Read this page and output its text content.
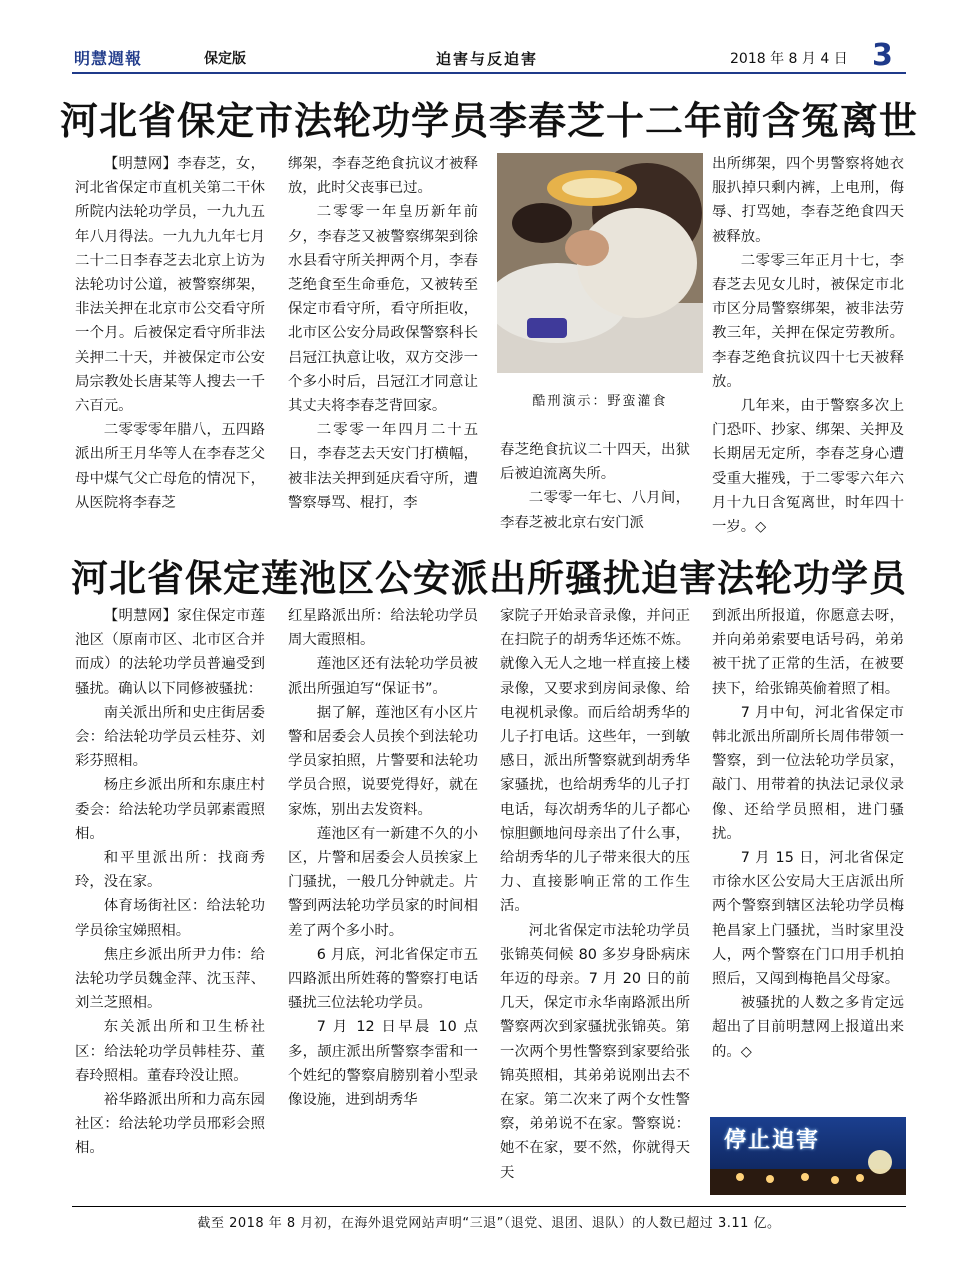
明慧週報	保定版	迫害与反迫害	2018 年 8 月 4 日 3
河北省保定市法轮功学员李春芝十二年前含冤离世

【明慧网】李春芝，女，河北省保定市直机关第二干休所院内法轮功学员，一九九五年八月得法。一九九九年七月二十二日李春芝去北京上访为法轮功讨公道，被警察绑架，非法关押在北京市公交看守所一个月。后被保定看守所非法关押二十天，并被保定市公安局宗教处长唐某等人搜去一千六百元。

二零零零年腊八，五四路派出所王月华等人在李春芝父母中煤气父亡母危的情况下，从医院将李春芝

绑架，李春芝绝食抗议才被释放，此时父丧事已过。

二零零一年皇历新年前夕，李春芝又被警察绑架到徐水县看守所关押两个月，李春芝绝食至生命垂危，又被转至保定市看守所，看守所拒收，北市区公安分局政保警察科长吕冠江执意让收，双方交涉一个多小时后，吕冠江才同意让其丈夫将李春芝背回家。

二零零一年四月二十五日，李春芝去天安门打横幅，被非法关押到延庆看守所，遭警察辱骂、棍打，李

酷刑演示：野蛮灌食

春芝绝食抗议二十四天，出狱后被迫流离失所。

二零零一年七、八月间，李春芝被北京右安门派

出所绑架，四个男警察将她衣服扒掉只剩内裤，上电刑，侮辱、打骂她，李春芝绝食四天被释放。

二零零三年正月十七，李春芝去见女儿时，被保定市北市区分局警察绑架，被非法劳教三年，关押在保定劳教所。李春芝绝食抗议四十七天被释放。

几年来，由于警察多次上门恐吓、抄家、绑架、关押及长期居无定所，李春芝身心遭受重大摧残，于二零零六年六月十九日含冤离世，时年四十一岁。◇

河北省保定莲池区公安派出所骚扰迫害法轮功学员

【明慧网】家住保定市莲池区（原南市区、北市区合并而成）的法轮功学员普遍受到骚扰。确认以下同修被骚扰：

南关派出所和史庄街居委会：给法轮功学员云桂芬、刘彩芬照相。

杨庄乡派出所和东康庄村委会：给法轮功学员郭素霞照相。

和平里派出所：找商秀玲，没在家。

体育场街社区：给法轮功学员徐宝娣照相。

焦庄乡派出所尹力伟：给法轮功学员魏金萍、沈玉萍、刘兰芝照相。

东关派出所和卫生桥社区：给法轮功学员韩桂芬、董春玲照相。董春玲没让照。

裕华路派出所和力高东园社区：给法轮功学员邢彩会照相。

红星路派出所：给法轮功学员周大霞照相。

莲池区还有法轮功学员被派出所强迫写“保证书”。

据了解，莲池区有小区片警和居委会人员挨个到法轮功学员家拍照，片警要和法轮功学员合照，说要党得好，就在家炼，别出去发资料。

莲池区有一新建不久的小区，片警和居委会人员挨家上门骚扰，一般几分钟就走。片警到两法轮功学员家的时间相差了两个多小时。

6 月底，河北省保定市五四路派出所姓蒋的警察打电话骚扰三位法轮功学员。

7 月 12 日早晨 10 点多，颉庄派出所警察李雷和一个姓纪的警察肩膀别着小型录像设施，进到胡秀华

家院子开始录音录像，并问正在扫院子的胡秀华还炼不炼。就像入无人之地一样直接上楼录像，又要求到房间录像、给电视机录像。而后给胡秀华的儿子打电话。这些年，一到敏感日，派出所警察就到胡秀华家骚扰，也给胡秀华的儿子打电话，每次胡秀华的儿子都心惊胆颤地问母亲出了什么事，给胡秀华的儿子带来很大的压力、直接影响正常的工作生活。

河北省保定市法轮功学员张锦英伺候 80 多岁身卧病床年迈的母亲。7 月 20 日的前几天，保定市永华南路派出所警察两次到家骚扰张锦英。第一次两个男性警察到家要给张锦英照相，其弟弟说刚出去不在家。第二次来了两个女性警察，弟弟说不在家。警察说：她不在家，要不然，你就得天天

到派出所报道，你愿意去呀，并向弟弟索要电话号码，弟弟被干扰了正常的生活，在被要挟下，给张锦英偷着照了相。

7 月中旬，河北省保定市韩北派出所副所长周伟带领一警察，到一位法轮功学员家，敲门、用带着的执法记录仪录像、还给学员照相，进门骚扰。

7 月 15 日，河北省保定市徐水区公安局大王店派出所两个警察到辖区法轮功学员梅艳昌家上门骚扰，当时家里没人，两个警察在门口用手机拍照后，又闯到梅艳昌父母家。

被骚扰的人数之多肯定远超出了目前明慧网上报道出来的。◇

停止迫害
截至 2018 年 8 月初，在海外退党网站声明“三退”（退党、退团、退队）的人数已超过 3.11 亿。
